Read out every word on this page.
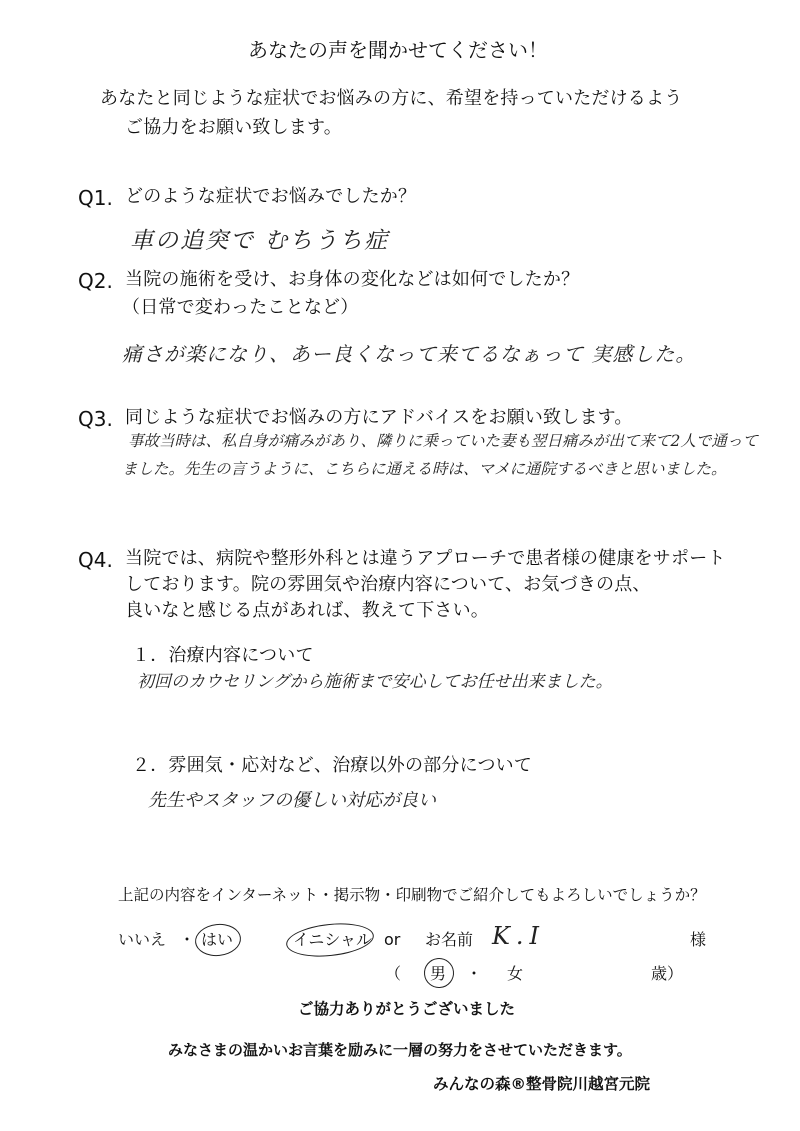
あなたの声を聞かせてください！
あなたと同じような症状でお悩みの方に、希望を持っていただけるよう
ご協力をお願い致します。
Q1. どのような症状でお悩みでしたか？
車の追突で むちうち症
Q2. 当院の施術を受け、お身体の変化などは如何でしたか？
（日常で変わったことなど）
痛さが楽になり、あー良くなって来てるなぁって 実感した。
Q3. 同じような症状でお悩みの方にアドバイスをお願い致します。
事故当時は、私自身が痛みがあり、隣りに乗っていた妻も翌日痛みが出て来て2人で通って
ました。先生の言うように、こちらに通える時は、マメに通院するべきと思いました。
Q4. 当院では、病院や整形外科とは違うアプローチで患者様の健康をサポート
しております。院の雰囲気や治療内容について、お気づきの点、
良いなと感じる点があれば、教えて下さい。
１．治療内容について
初回のカウセリングから施術まで安心してお任せ出来ました。
２．雰囲気・応対など、治療以外の部分について
先生やスタッフの優しい対応が良い
上記の内容をインターネット・掲示物・印刷物でご紹介してもよろしいでしょうか？
いいえ ・ はい	イニシャル or お名前 K.I	様
（ 男 ・ 女	歳）
ご協力ありがとうございました
みなさまの温かいお言葉を励みに一層の努力をさせていただきます。
みんなの森®整骨院川越宮元院
